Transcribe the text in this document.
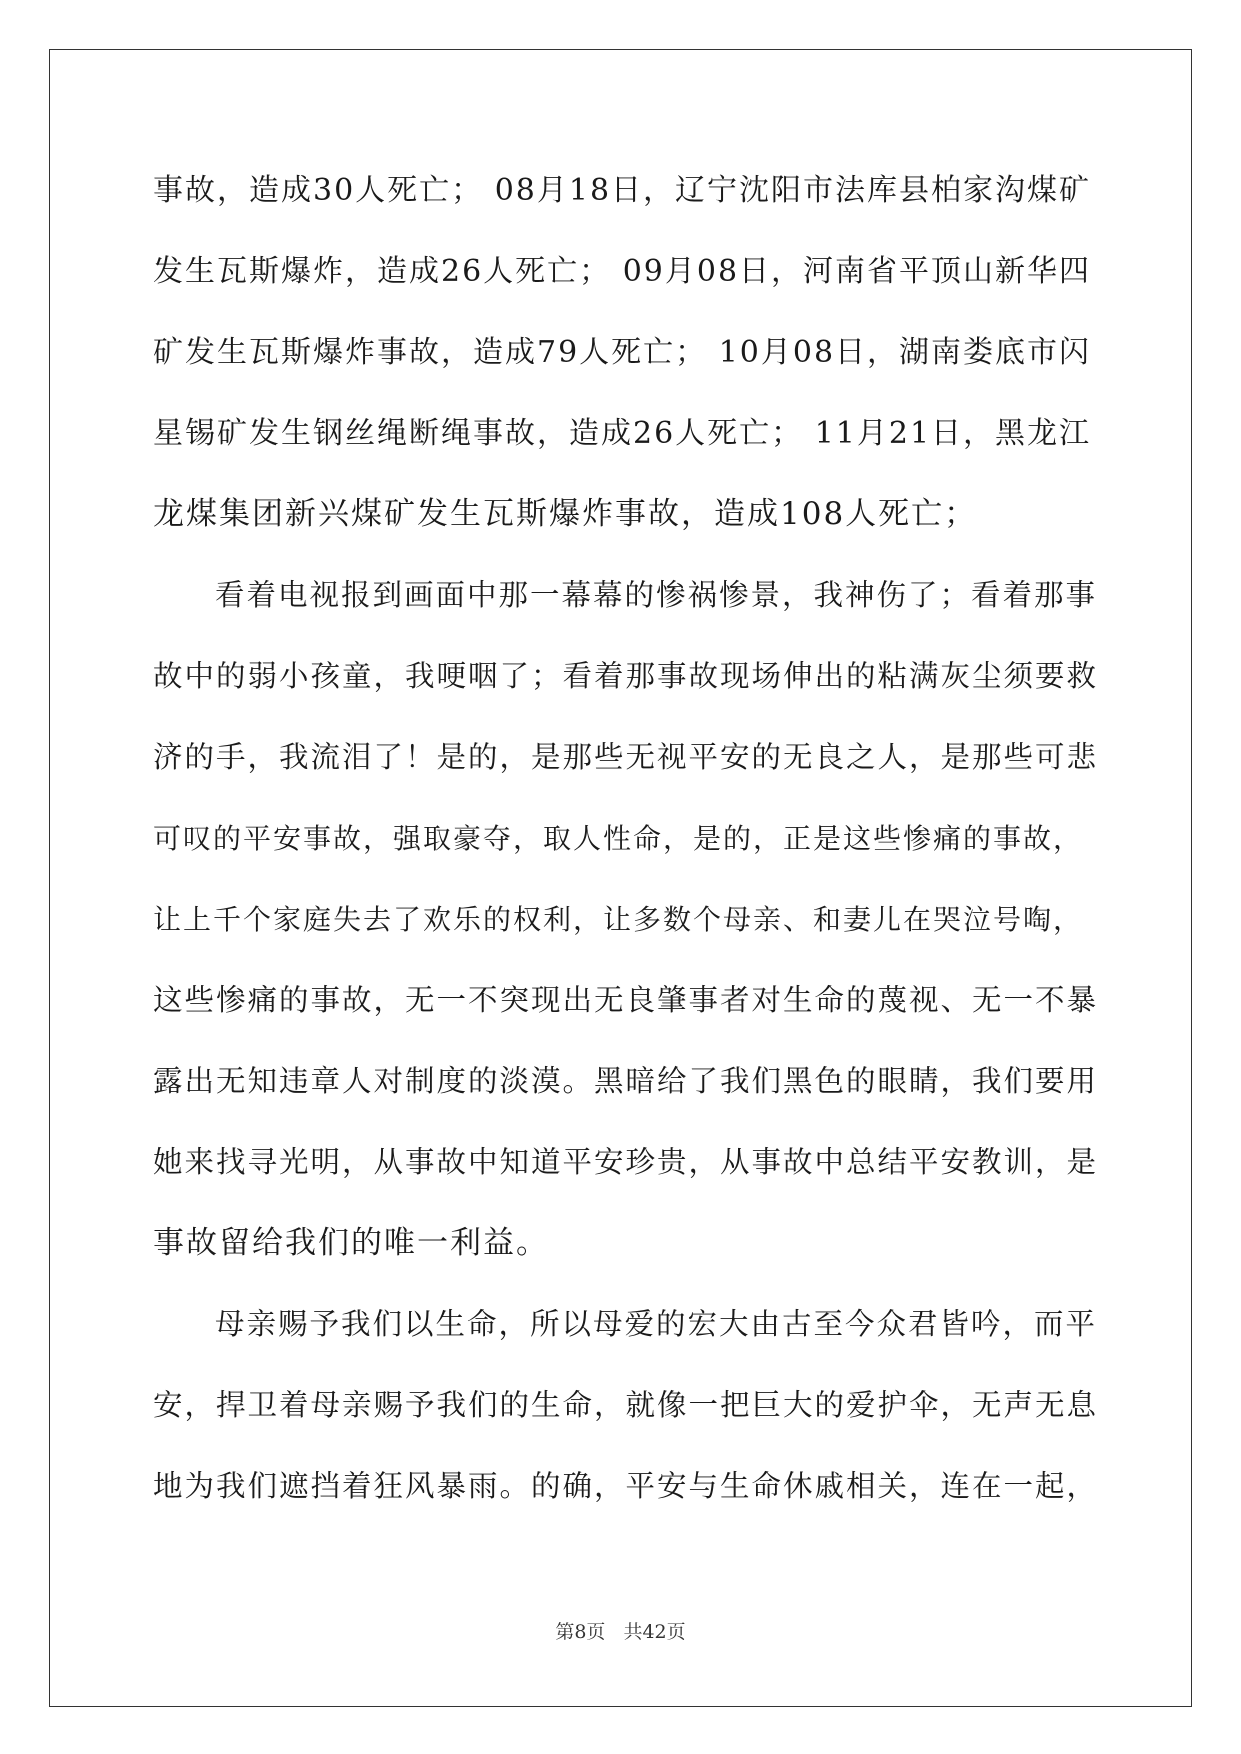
事故，造成30人死亡； 08月18日，辽宁沈阳市法库县柏家沟煤矿
发生瓦斯爆炸，造成26人死亡； 09月08日，河南省平顶山新华四
矿发生瓦斯爆炸事故，造成79人死亡； 10月08日，湖南娄底市闪
星锡矿发生钢丝绳断绳事故，造成26人死亡； 11月21日，黑龙江
龙煤集团新兴煤矿发生瓦斯爆炸事故，造成108人死亡；
看着电视报到画面中那一幕幕的惨祸惨景，我神伤了；看着那事
故中的弱小孩童，我哽咽了；看着那事故现场伸出的粘满灰尘须要救
济的手，我流泪了！是的，是那些无视平安的无良之人，是那些可悲
可叹的平安事故，强取豪夺，取人性命，是的，正是这些惨痛的事故，
让上千个家庭失去了欢乐的权利，让多数个母亲、和妻儿在哭泣号啕，
这些惨痛的事故，无一不突现出无良肇事者对生命的蔑视、无一不暴
露出无知违章人对制度的淡漠。黑暗给了我们黑色的眼睛，我们要用
她来找寻光明，从事故中知道平安珍贵，从事故中总结平安教训，是
事故留给我们的唯一利益。
母亲赐予我们以生命，所以母爱的宏大由古至今众君皆吟，而平
安，捍卫着母亲赐予我们的生命，就像一把巨大的爱护伞，无声无息
地为我们遮挡着狂风暴雨。的确，平安与生命休戚相关，连在一起，
第8页 共42页
